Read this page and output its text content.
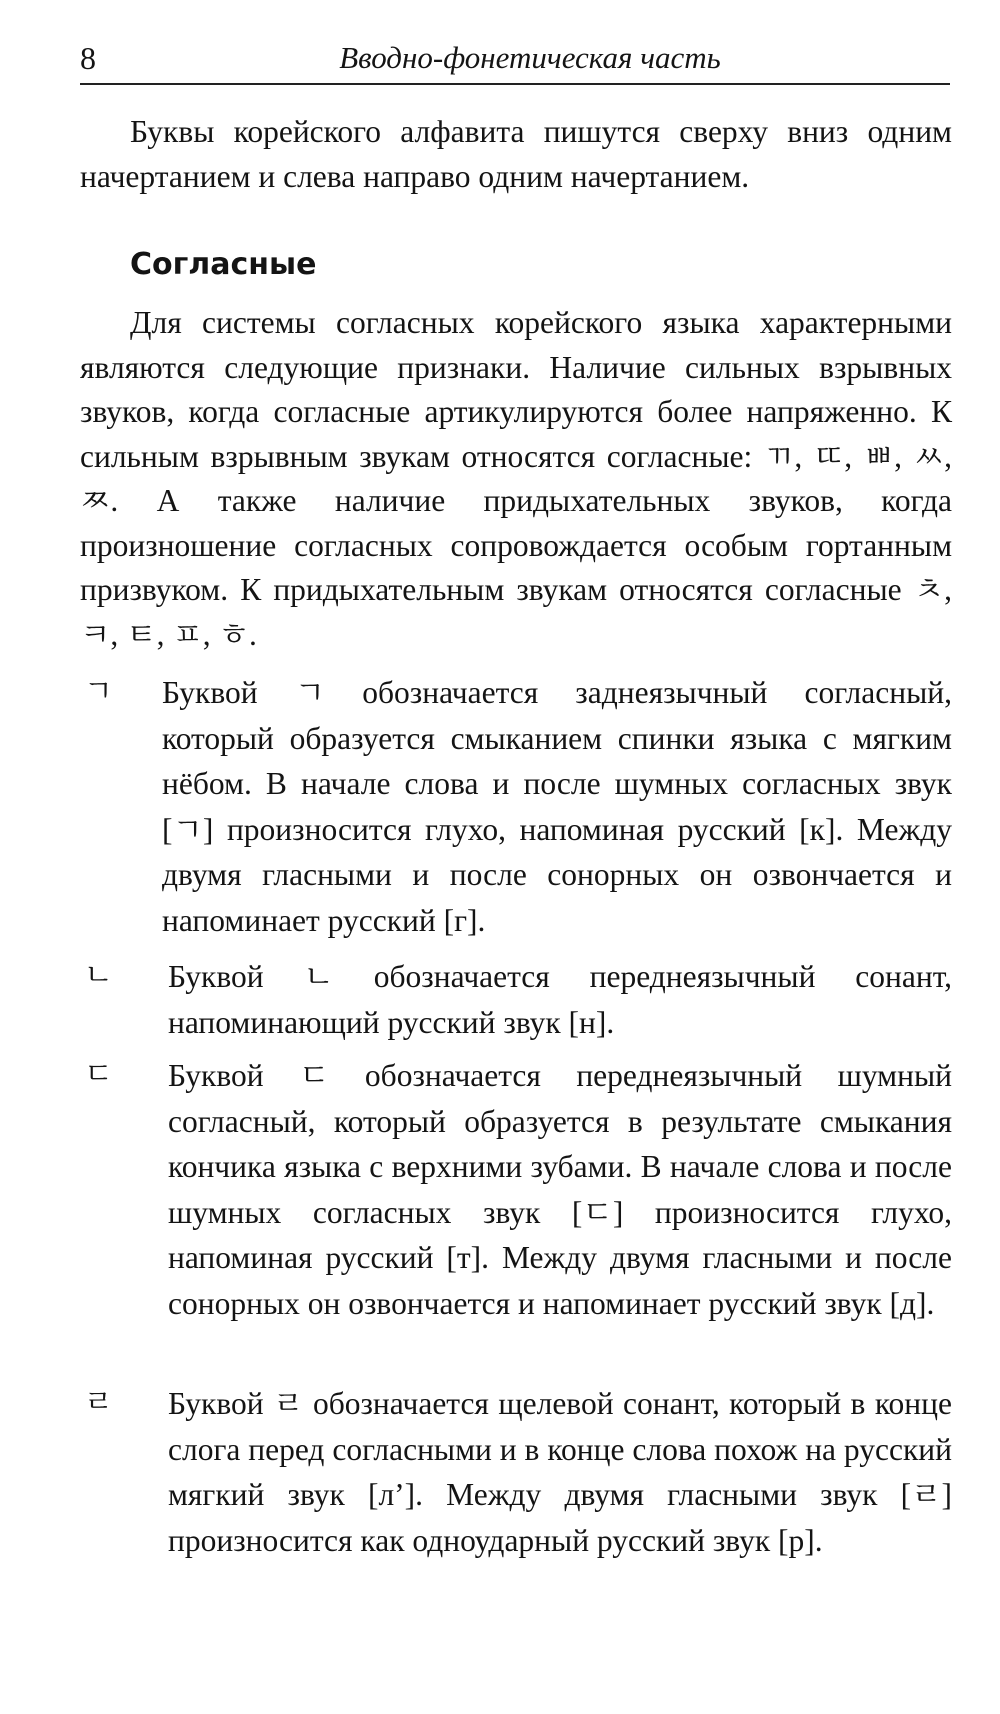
8	Вводно-фонетическая часть

Буквы корейского алфавита пишутся сверху вниз одним начертанием и слева направо одним начертанием.

Согласные

Для системы согласных корейского языка характерными являются следующие признаки. Наличие сильных взрывных звуков, когда согласные артикулируются более напряженно. К сильным взрывным звукам относятся согласные: ㄲ, ㄸ, ㅃ, ㅆ, ㅉ. А также наличие придыхательных звуков, когда произношение согласных сопровождается особым гортанным призвуком. К придыхательным звукам относятся согласные ㅊ, ㅋ, ㅌ, ㅍ, ㅎ.

ㄱ Буквой ㄱ обозначается заднеязычный согласный, который образуется смыканием спинки языка с мягким нёбом. В начале слова и после шумных согласных звук [ㄱ] произносится глухо, напоминая русский [к]. Между двумя гласными и после сонорных он озвончается и напоминает русский [г].

ㄴ Буквой ㄴ обозначается переднеязычный сонант, напоминающий русский звук [н].

ㄷ Буквой ㄷ обозначается переднеязычный шумный согласный, который образуется в результате смыкания кончика языка с верхними зубами. В начале слова и после шумных согласных звук [ㄷ] произносится глухо, напоминая русский [т]. Между двумя гласными и после сонорных он озвончается и напоминает русский звук [д].

ㄹ Буквой ㄹ обозначается щелевой сонант, который в конце слога перед согласными и в конце слова похож на русский мягкий звук [л’]. Между двумя гласными звук [ㄹ] произносится как одноударный русский звук [р].
